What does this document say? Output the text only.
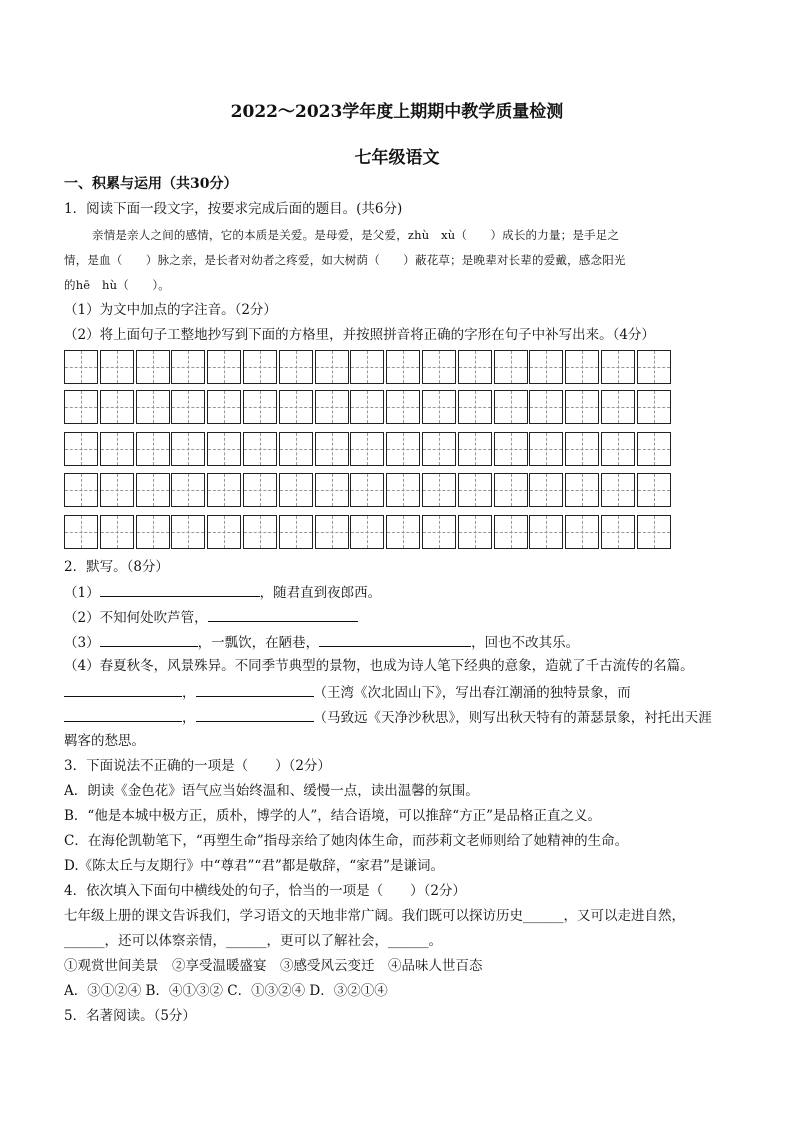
2022～2023学年度上期期中教学质量检测
七年级语文
一、积累与运用（共30分）
1．阅读下面一段文字，按要求完成后面的题目。(共6分)
亲情是亲人之间的感情，它的本质是关爱。是母爱，是父爱，zhù　xù（　　）成长的力量；是手足之
情，是血（　　）脉之亲，是长者对幼者之疼爱，如大树荫（　　）蔽花草；是晚辈对长辈的爱戴，感念阳光
的hē　hù（　　）。
（1）为文中加点的字注音。（2分）
（2）将上面句子工整地抄写到下面的方格里，并按照拼音将正确的字形在句子中补写出来。（4分）
2．默写。（8分）
（1）	，随君直到夜郎西。
（2）不知何处吹芦管，
（3）	，一瓢饮，在陋巷，	，回也不改其乐。
（4）春夏秋冬，风景殊异。不同季节典型的景物，也成为诗人笔下经典的意象，造就了千古流传的名篇。
，	（王湾《次北固山下》，写出春江潮涌的独特景象，而
，	（马致远《天净沙秋思》，则写出秋天特有的萧瑟景象，衬托出天涯
羁客的愁思。
3．下面说法不正确的一项是（　　）（2分）
A．朗读《金色花》语气应当始终温和、缓慢一点，读出温馨的氛围。
B．“他是本城中极方正，质朴，博学的人”，结合语境，可以推辞“方正”是品格正直之义。
C．在海伦凯勒笔下，“再塑生命”指母亲给了她肉体生命，而莎莉文老师则给了她精神的生命。
D.《陈太丘与友期行》中“尊君”“君”都是敬辞，“家君”是谦词。
4．依次填入下面句中横线处的句子，恰当的一项是（　　）（2分）
七年级上册的课文告诉我们，学习语文的天地非常广阔。我们既可以探访历史______，又可以走进自然，
______，还可以体察亲情，______，更可以了解社会，______。
①观赏世间美景　②享受温暖盛宴　③感受风云变迁　④品味人世百态
A．③①②④ B．④①③② C．①③②④ D．③②①④
5．名著阅读。（5分）
